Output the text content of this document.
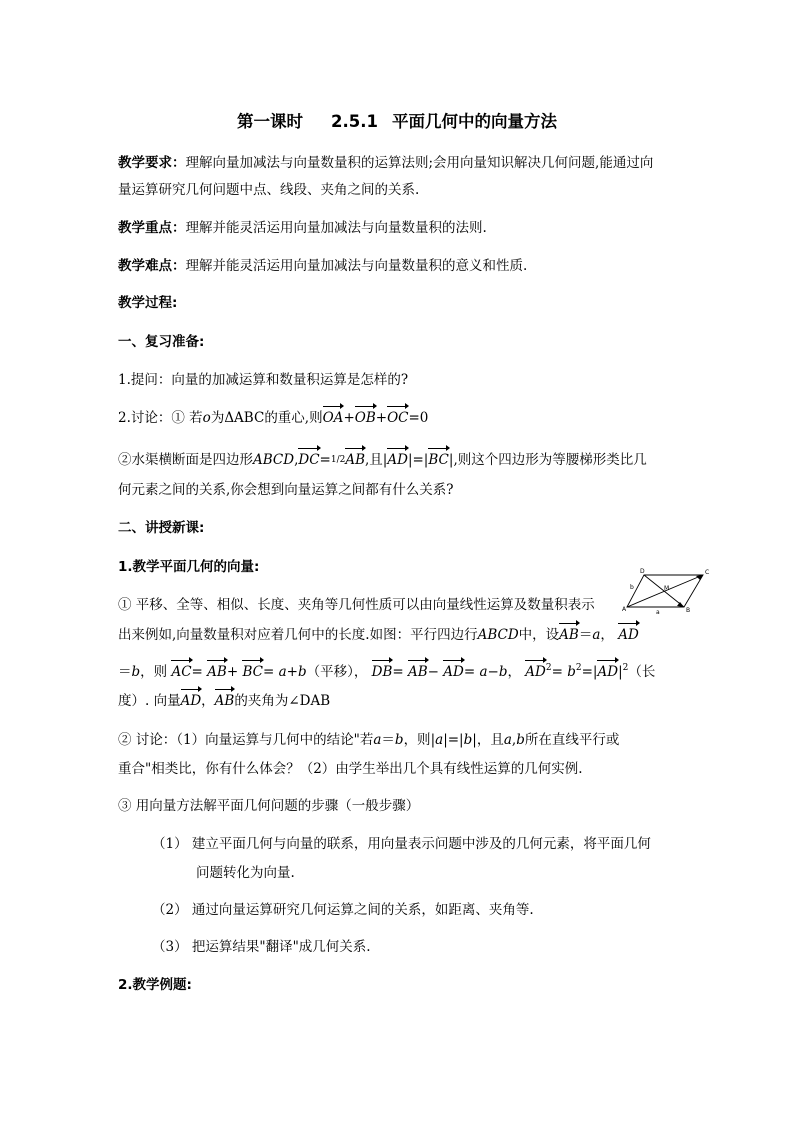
第一课时 2.5.1 平面几何中的向量方法
教学要求：理解向量加减法与向量数量积的运算法则;会用向量知识解决几何问题,能通过向
量运算研究几何问题中点、线段、夹角之间的关系.
教学重点：理解并能灵活运用向量加减法与向量数量积的法则.
教学难点：理解并能灵活运用向量加减法与向量数量积的意义和性质.
教学过程:
一、复习准备:
1.提问：向量的加减运算和数量积运算是怎样的?
2.讨论：① 若o为ΔABC的重心,则OA+OB+OC=0
②水渠横断面是四边形ABCD,DC=1/2AB,且|AD|=|BC|,则这个四边形为等腰梯形类比几
何元素之间的关系,你会想到向量运算之间都有什么关系?
二、讲授新课:
1.教学平面几何的向量:
① 平移、全等、相似、长度、夹角等几何性质可以由向量线性运算及数量积表示
出来例如,向量数量积对应着几何中的长度.如图：平行四边行ABCD中，设AB＝a， AD
＝b，则 AC= AB+ BC= a+b（平移）， DB= AB− AD= a−b， $AD^2= b^2=|AD|^2$（长
度）. 向量AD，AB的夹角为∠DAB
② 讨论：（1）向量运算与几何中的结论"若a＝b，则|a|=|b|，且a,b所在直线平行或
重合"相类比，你有什么体会？（2）由学生举出几个具有线性运算的几何实例.
③ 用向量方法解平面几何问题的步骤（一般步骤）
（1） 建立平面几何与向量的联系，用向量表示问题中涉及的几何元素，将平面几何
问题转化为向量.
（2） 通过向量运算研究几何运算之间的关系，如距离、夹角等.
（3） 把运算结果"翻译"成几何关系.
2.教学例题:
A	B
C
D
M
a
b
